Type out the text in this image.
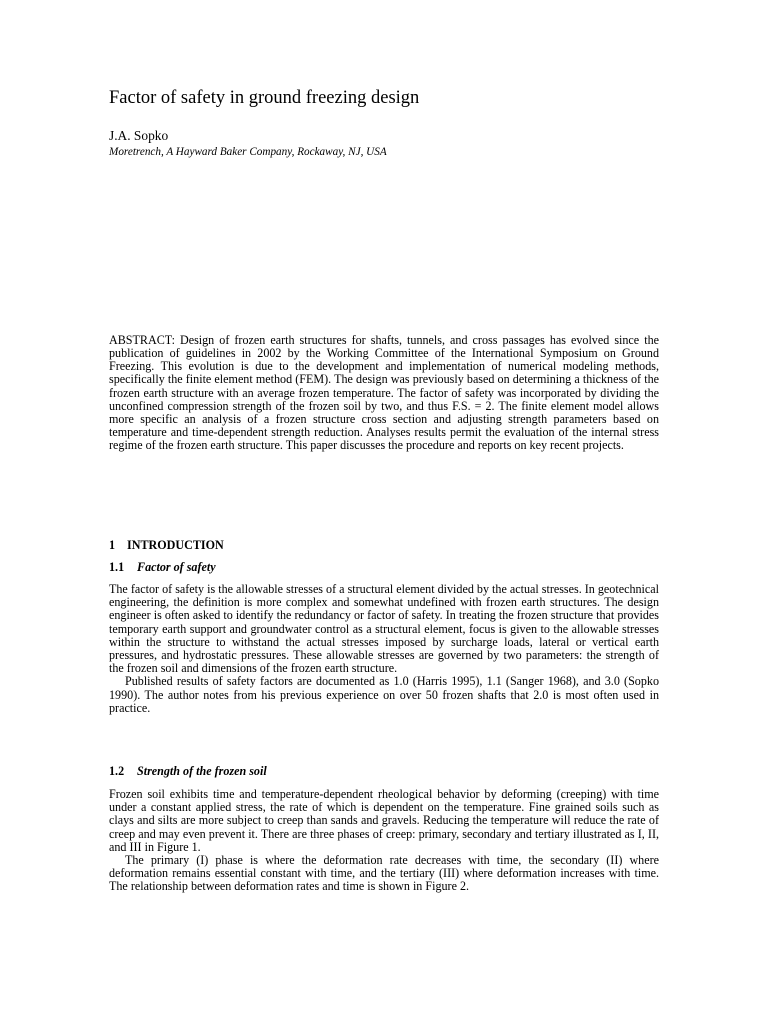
Factor of safety in ground freezing design
J.A. Sopko
Moretrench, A Hayward Baker Company, Rockaway, NJ, USA

ABSTRACT: Design of frozen earth structures for shafts, tunnels, and cross passages has evolved since the publication of guidelines in 2002 by the Working Committee of the International Symposium on Ground Freezing. This evolution is due to the development and implementation of numerical modeling methods, specifically the finite element method (FEM). The design was previously based on determining a thickness of the frozen earth structure with an average frozen temperature. The factor of safety was incorporated by dividing the unconfined compression strength of the frozen soil by two, and thus F.S. = 2. The finite element model allows more specific an analysis of a frozen structure cross section and adjusting strength parameters based on temperature and time-dependent strength reduction. Analyses results permit the evaluation of the internal stress regime of the frozen earth structure. This paper discusses the procedure and reports on key recent projects.

1 INTRODUCTION
1.1 Factor of safety

The factor of safety is the allowable stresses of a structural element divided by the actual stresses. In geotechnical engineering, the definition is more complex and somewhat undefined with frozen earth structures. The design engineer is often asked to identify the redundancy or factor of safety. In treating the frozen structure that provides temporary earth support and groundwater control as a structural element, focus is given to the allowable stresses within the structure to withstand the actual stresses imposed by surcharge loads, lateral or vertical earth pressures, and hydrostatic pressures. These allowable stresses are governed by two parameters: the strength of the frozen soil and dimensions of the frozen earth structure.

Published results of safety factors are documented as 1.0 (Harris 1995), 1.1 (Sanger 1968), and 3.0 (Sopko 1990). The author notes from his previous experience on over 50 frozen shafts that 2.0 is most often used in practice.

1.2 Strength of the frozen soil

Frozen soil exhibits time and temperature-dependent rheological behavior by deforming (creeping) with time under a constant applied stress, the rate of which is dependent on the temperature. Fine grained soils such as clays and silts are more subject to creep than sands and gravels. Reducing the temperature will reduce the rate of creep and may even prevent it. There are three phases of creep: primary, secondary and tertiary illustrated as I, II, and III in Figure 1.

The primary (I) phase is where the deformation rate decreases with time, the secondary (II) where deformation remains essential constant with time, and the tertiary (III) where deformation increases with time. The relationship between deformation rates and time is shown in Figure 2.
